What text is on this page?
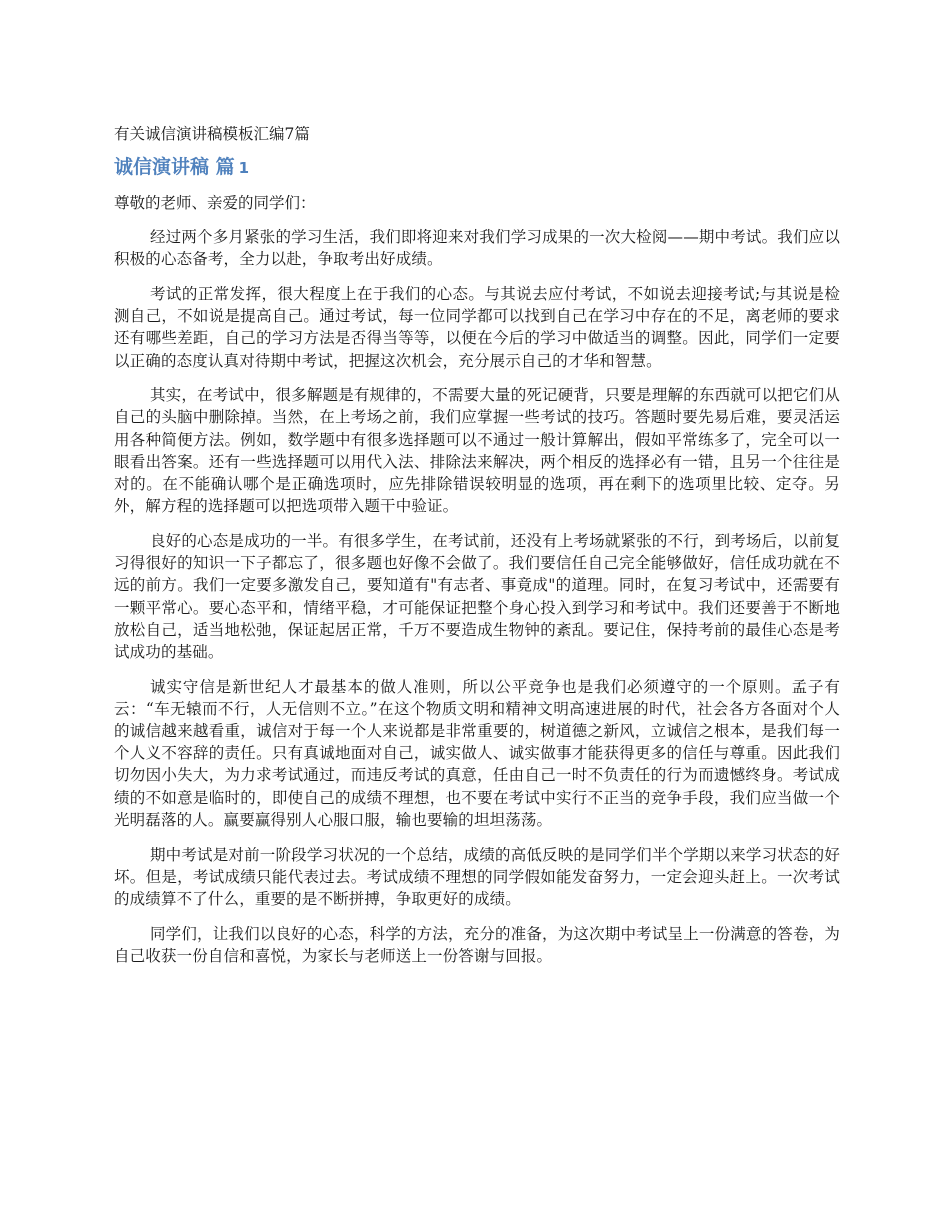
有关诚信演讲稿模板汇编7篇
诚信演讲稿 篇 1
尊敬的老师、亲爱的同学们：

经过两个多月紧张的学习生活，我们即将迎来对我们学习成果的一次大检阅——期中考试。我们应以积极的心态备考，全力以赴，争取考出好成绩。

考试的正常发挥，很大程度上在于我们的心态。与其说去应付考试，不如说去迎接考试;与其说是检测自己，不如说是提高自己。通过考试，每一位同学都可以找到自己在学习中存在的不足，离老师的要求还有哪些差距，自己的学习方法是否得当等等，以便在今后的学习中做适当的调整。因此，同学们一定要以正确的态度认真对待期中考试，把握这次机会，充分展示自己的才华和智慧。

其实，在考试中，很多解题是有规律的，不需要大量的死记硬背，只要是理解的东西就可以把它们从自己的头脑中删除掉。当然，在上考场之前，我们应掌握一些考试的技巧。答题时要先易后难，要灵活运用各种简便方法。例如，数学题中有很多选择题可以不通过一般计算解出，假如平常练多了，完全可以一眼看出答案。还有一些选择题可以用代入法、排除法来解决，两个相反的选择必有一错，且另一个往往是对的。在不能确认哪个是正确选项时，应先排除错误较明显的选项，再在剩下的选项里比较、定夺。另外，解方程的选择题可以把选项带入题干中验证。

良好的心态是成功的一半。有很多学生，在考试前，还没有上考场就紧张的不行，到考场后，以前复习得很好的知识一下子都忘了，很多题也好像不会做了。我们要信任自己完全能够做好，信任成功就在不远的前方。我们一定要多激发自己，要知道有"有志者、事竟成"的道理。同时，在复习考试中，还需要有一颗平常心。要心态平和，情绪平稳，才可能保证把整个身心投入到学习和考试中。我们还要善于不断地放松自己，适当地松弛，保证起居正常，千万不要造成生物钟的紊乱。要记住，保持考前的最佳心态是考试成功的基础。

诚实守信是新世纪人才最基本的做人准则，所以公平竞争也是我们必须遵守的一个原则。孟子有云：“车无辕而不行，人无信则不立。”在这个物质文明和精神文明高速进展的时代，社会各方各面对个人的诚信越来越看重，诚信对于每一个人来说都是非常重要的，树道德之新风，立诚信之根本，是我们每一个人义不容辞的责任。只有真诚地面对自己，诚实做人、诚实做事才能获得更多的信任与尊重。因此我们切勿因小失大，为力求考试通过，而违反考试的真意，任由自己一时不负责任的行为而遗憾终身。考试成绩的不如意是临时的，即使自己的成绩不理想，也不要在考试中实行不正当的竞争手段，我们应当做一个光明磊落的人。赢要赢得别人心服口服，输也要输的坦坦荡荡。

期中考试是对前一阶段学习状况的一个总结，成绩的高低反映的是同学们半个学期以来学习状态的好坏。但是，考试成绩只能代表过去。考试成绩不理想的同学假如能发奋努力，一定会迎头赶上。一次考试的成绩算不了什么，重要的是不断拼搏，争取更好的成绩。

同学们，让我们以良好的心态，科学的方法，充分的准备，为这次期中考试呈上一份满意的答卷，为自己收获一份自信和喜悦，为家长与老师送上一份答谢与回报。
